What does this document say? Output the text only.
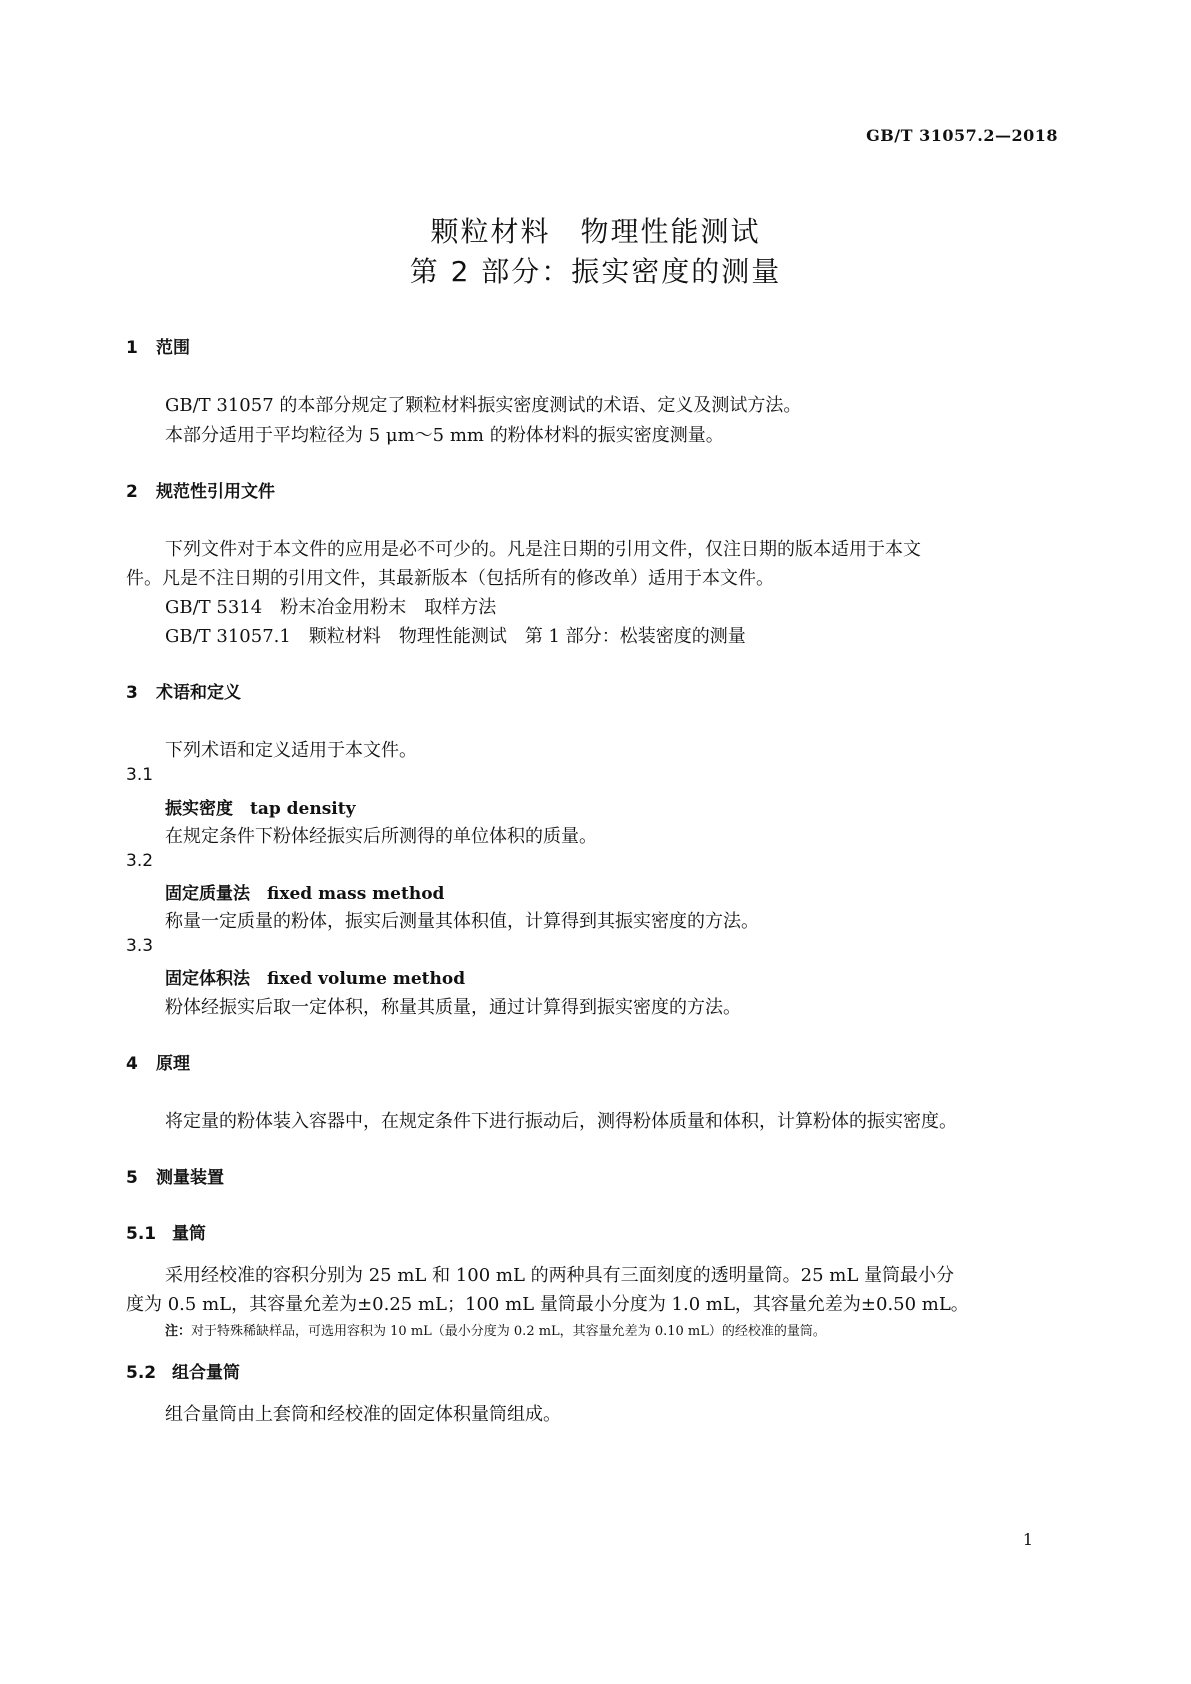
GB/T 31057.2—2018
颗粒材料　物理性能测试
第 2 部分：振实密度的测量
1 范围
GB/T 31057 的本部分规定了颗粒材料振实密度测试的术语、定义及测试方法。
本部分适用于平均粒径为 5 μm～5 mm 的粉体材料的振实密度测量。
2 规范性引用文件
下列文件对于本文件的应用是必不可少的。凡是注日期的引用文件，仅注日期的版本适用于本文
件。凡是不注日期的引用文件，其最新版本（包括所有的修改单）适用于本文件。
GB/T 5314　粉末冶金用粉末　取样方法
GB/T 31057.1　颗粒材料　物理性能测试　第 1 部分：松装密度的测量
3 术语和定义
下列术语和定义适用于本文件。
3.1
振实密度　tap density
在规定条件下粉体经振实后所测得的单位体积的质量。
3.2
固定质量法　fixed mass method
称量一定质量的粉体，振实后测量其体积值，计算得到其振实密度的方法。
3.3
固定体积法　fixed volume method
粉体经振实后取一定体积，称量其质量，通过计算得到振实密度的方法。
4 原理
将定量的粉体装入容器中，在规定条件下进行振动后，测得粉体质量和体积，计算粉体的振实密度。
5 测量装置
5.1 量筒
采用经校准的容积分别为 25 mL 和 100 mL 的两种具有三面刻度的透明量筒。25 mL 量筒最小分
度为 0.5 mL，其容量允差为±0.25 mL；100 mL 量筒最小分度为 1.0 mL，其容量允差为±0.50 mL。
注：对于特殊稀缺样品，可选用容积为 10 mL（最小分度为 0.2 mL，其容量允差为 0.10 mL）的经校准的量筒。
5.2 组合量筒
组合量筒由上套筒和经校准的固定体积量筒组成。
1
